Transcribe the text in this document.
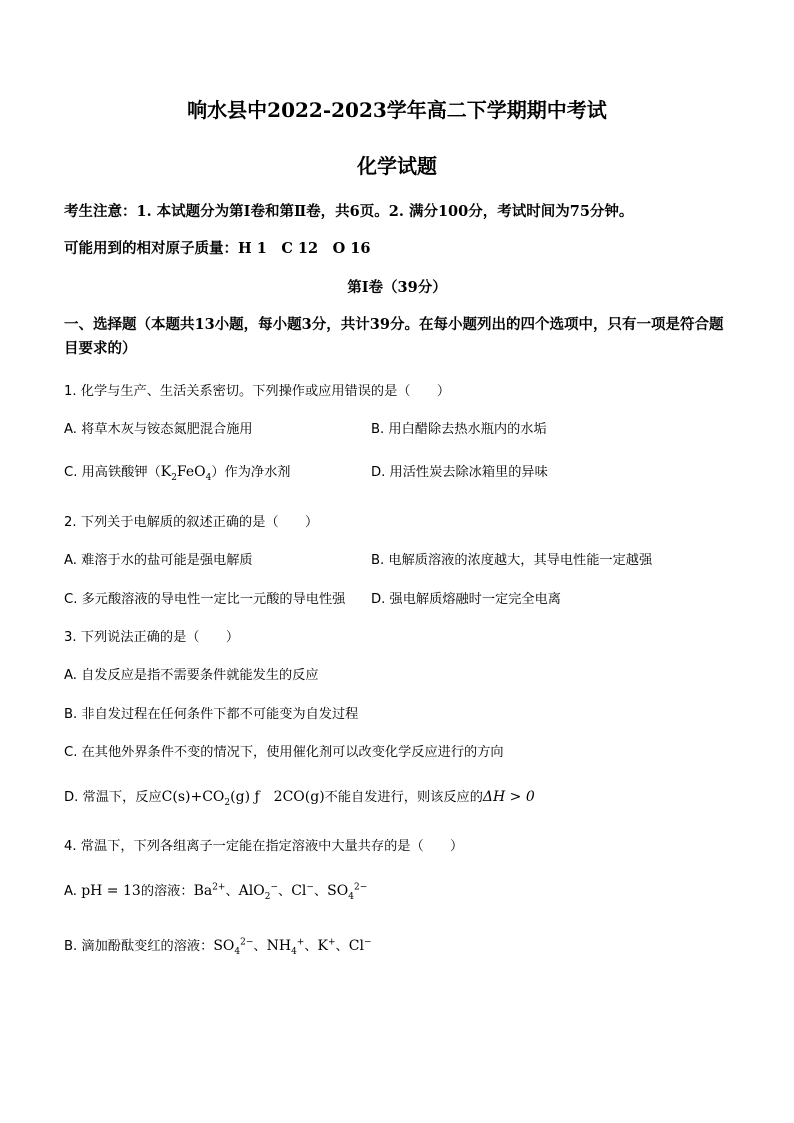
响水县中2022-2023学年高二下学期期中考试
化学试题
考生注意：1. 本试题分为第Ⅰ卷和第Ⅱ卷，共6页。2. 满分100分，考试时间为75分钟。
可能用到的相对原子质量：H 1　C 12　O 16
第Ⅰ卷（39分）
一、选择题（本题共13小题，每小题3分，共计39分。在每小题列出的四个选项中，只有一项是符合题目要求的）
1. 化学与生产、生活关系密切。下列操作或应用错误的是（　　）
A. 将草木灰与铵态氮肥混合施用	B. 用白醋除去热水瓶内的水垢
C. 用高铁酸钾$(K_2FeO_4)$作为净水剂	D. 用活性炭去除冰箱里的异味
2. 下列关于电解质的叙述正确的是（　　）
A. 难溶于水的盐可能是强电解质	B. 电解质溶液的浓度越大，其导电性能一定越强
C. 多元酸溶液的导电性一定比一元酸的导电性强 D. 强电解质熔融时一定完全电离
3. 下列说法正确的是（　　）
A. 自发反应是指不需要条件就能发生的反应
B. 非自发过程在任何条件下都不可能变为自发过程
C. 在其他外界条件不变的情况下，使用催化剂可以改变化学反应进行的方向
D. 常温下，反应$C(s)+CO_2(g)$ ƒ　2CO(g)不能自发进行，则该反应的ΔH > 0
4. 常温下，下列各组离子一定能在指定溶液中大量共存的是（　　）
A. pH = 13的溶液：$Ba^{2+}$、AlO$_2$−、Cl−、$SO_4^{2-}$
B. 滴加酚酞变红的溶液：$SO_4^{2-}$、$NH_4^+$、K+、Cl−
